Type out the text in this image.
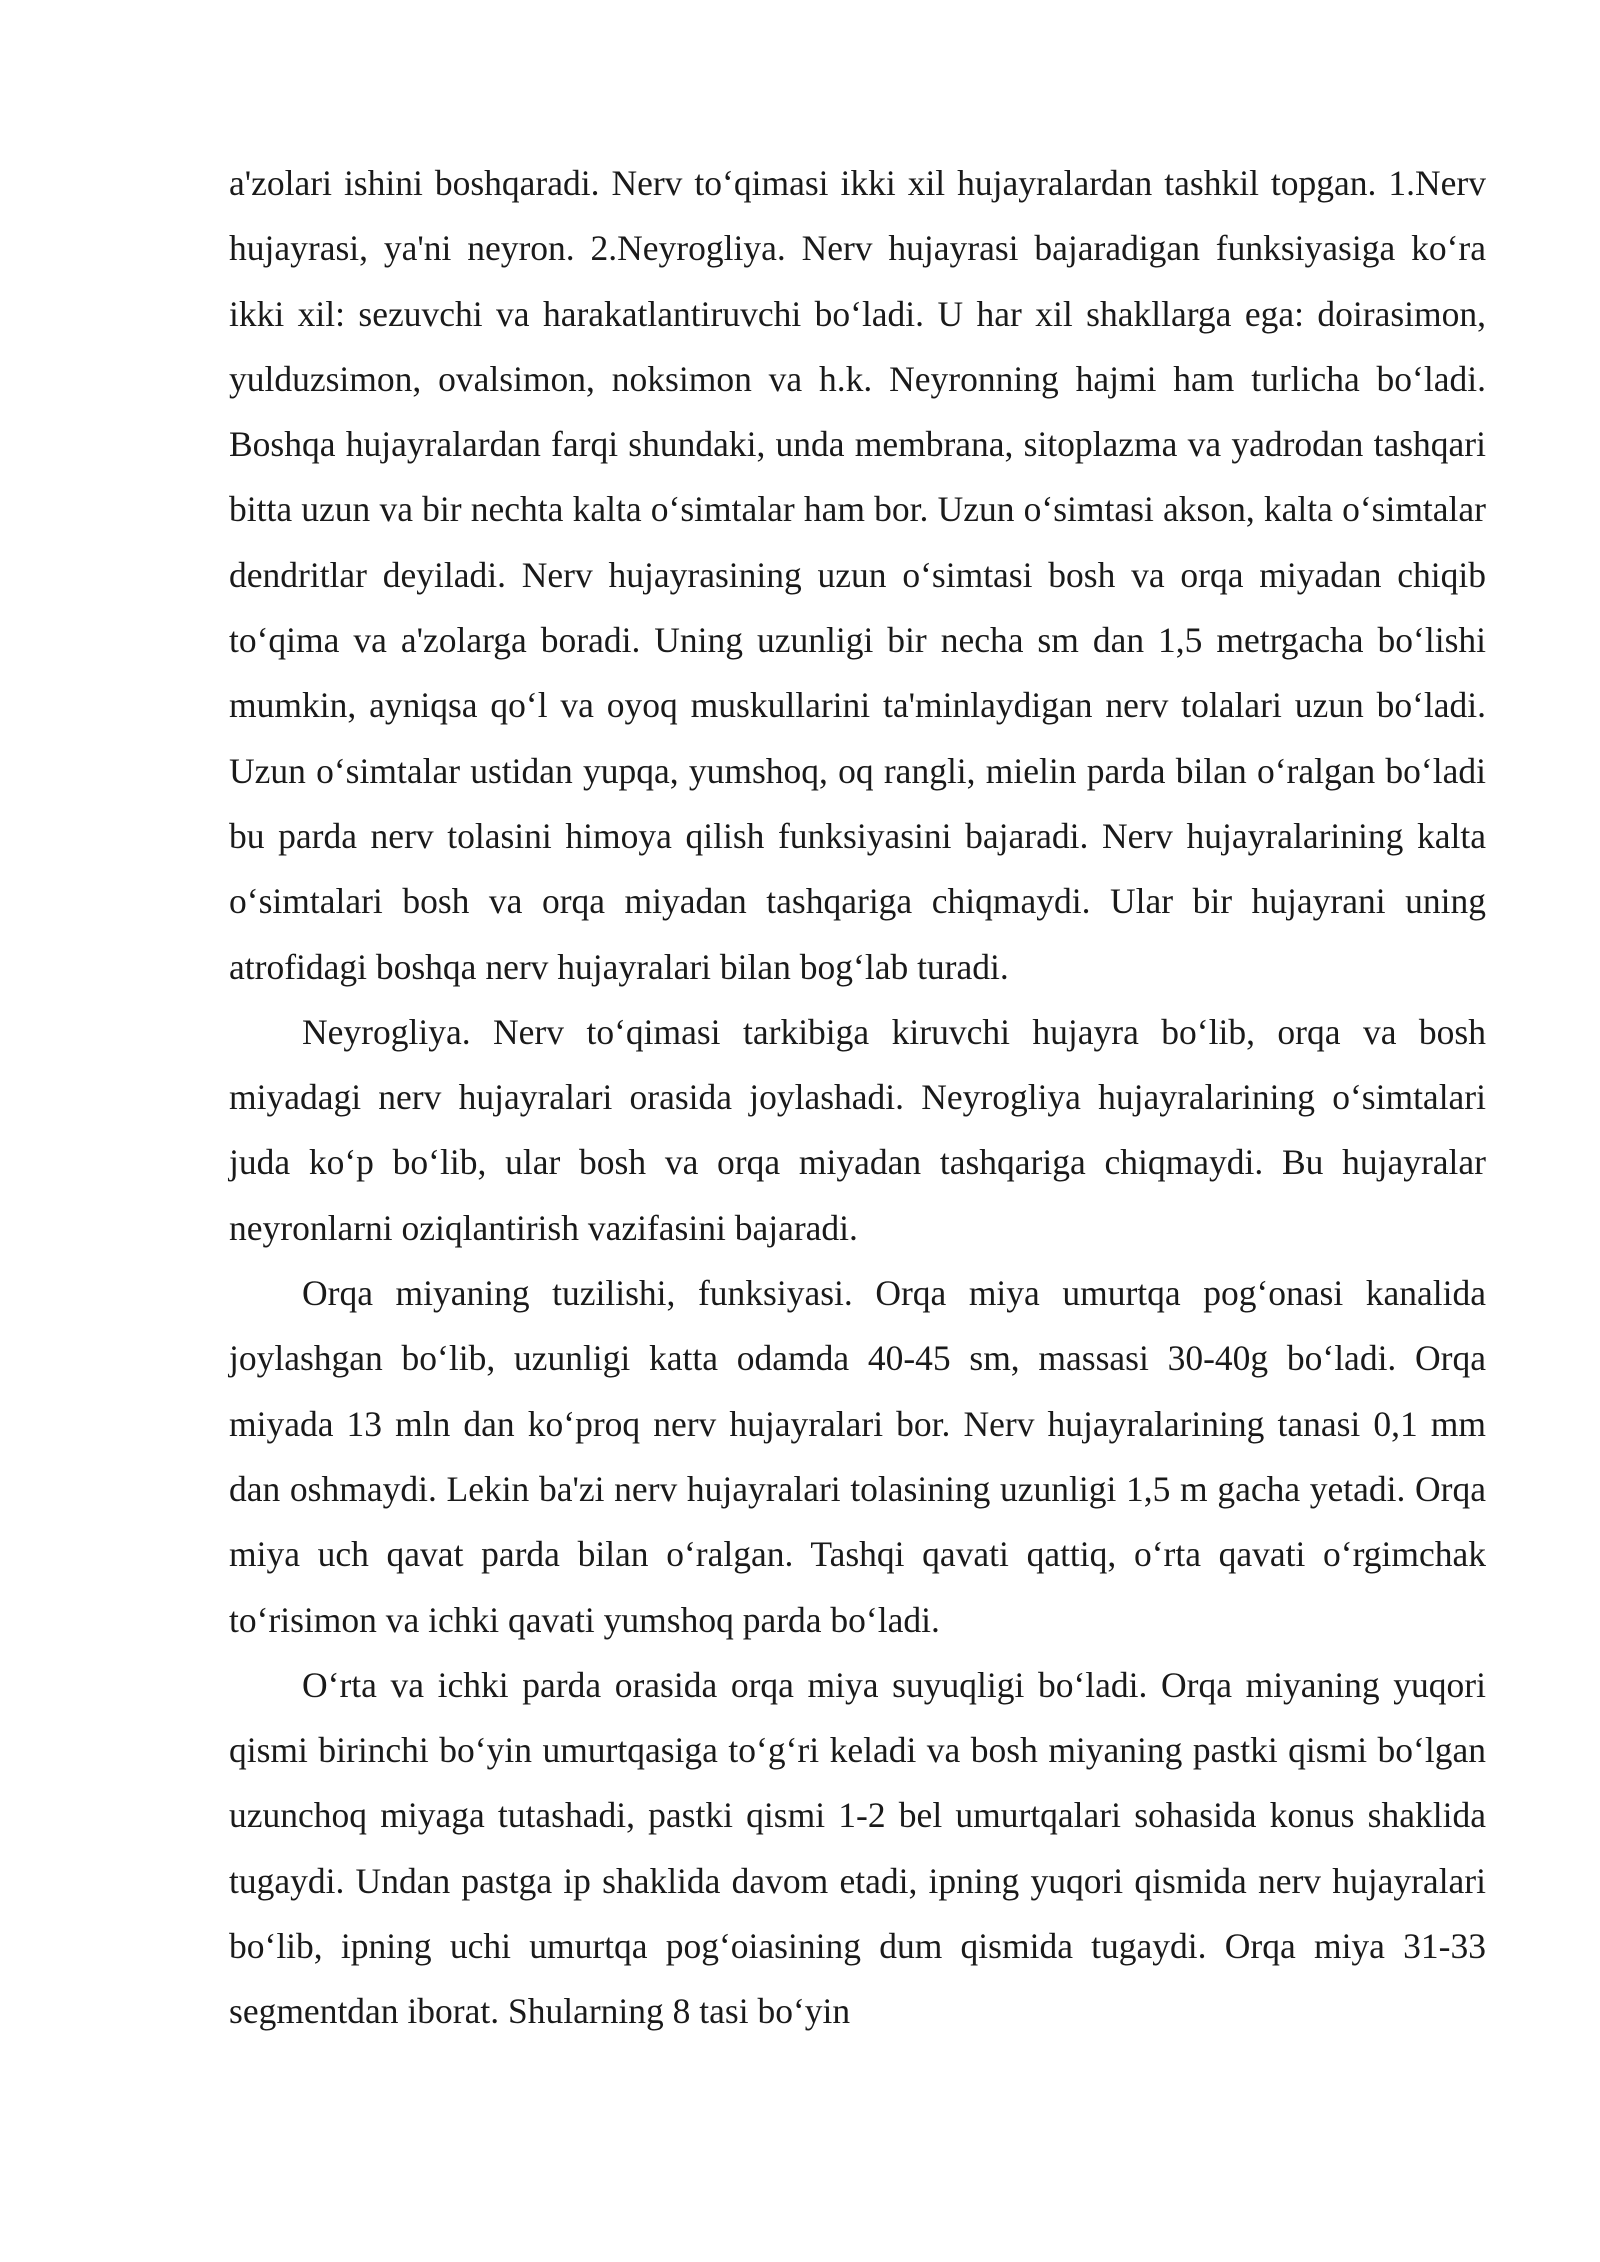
a'zolari ishini boshqaradi. Nerv to‘qimasi ikki xil hujayralardan tashkil topgan. 1.Nerv hujayrasi, ya'ni neyron. 2.Neyrogliya. Nerv hujayrasi bajaradigan funksiyasiga ko‘ra ikki xil: sezuvchi va harakatlantiruvchi bo‘ladi. U har xil shakllarga ega: doirasimon, yulduzsimon, ovalsimon, noksimon va h.k. Neyronning hajmi ham turlicha bo‘ladi. Boshqa hujayralardan farqi shundaki, unda membrana, sitoplazma va yadrodan tashqari bitta uzun va bir nechta kalta o‘simtalar ham bor. Uzun o‘simtasi akson, kalta o‘simtalar dendritlar deyiladi. Nerv hujayrasining uzun o‘simtasi bosh va orqa miyadan chiqib to‘qima va a'zolarga boradi. Uning uzunligi bir necha sm dan 1,5 metrgacha bo‘lishi mumkin, ayniqsa qo‘l va oyoq muskullarini ta'minlaydigan nerv tolalari uzun bo‘ladi. Uzun o‘simtalar ustidan yupqa, yumshoq, oq rangli, mielin parda bilan o‘ralgan bo‘ladi bu parda nerv tolasini himoya qilish funksiyasini bajaradi. Nerv hujayralarining kalta o‘simtalari bosh va orqa miyadan tashqariga chiqmaydi. Ular bir hujayrani uning atrofidagi boshqa nerv hujayralari bilan bog‘lab turadi.

Neyrogliya. Nerv to‘qimasi tarkibiga kiruvchi hujayra bo‘lib, orqa va bosh miyadagi nerv hujayralari orasida joylashadi. Neyrogliya hujayralarining o‘simtalari juda ko‘p bo‘lib, ular bosh va orqa miyadan tashqariga chiqmaydi. Bu hujayralar neyronlarni oziqlantirish vazifasini bajaradi.

Orqa miyaning tuzilishi, funksiyasi. Orqa miya umurtqa pog‘onasi kanalida joylashgan bo‘lib, uzunligi katta odamda 40-45 sm, massasi 30-40g bo‘ladi. Orqa miyada 13 mln dan ko‘proq nerv hujayralari bor. Nerv hujayralarining tanasi 0,1 mm dan oshmaydi. Lekin ba'zi nerv hujayralari tolasining uzunligi 1,5 m gacha yetadi. Orqa miya uch qavat parda bilan o‘ralgan. Tashqi qavati qattiq, o‘rta qavati o‘rgimchak to‘risimon va ichki qavati yumshoq parda bo‘ladi.

O‘rta va ichki parda orasida orqa miya suyuqligi bo‘ladi. Orqa miyaning yuqori qismi birinchi bo‘yin umurtqasiga to‘g‘ri keladi va bosh miyaning pastki qismi bo‘lgan uzunchoq miyaga tutashadi, pastki qismi 1-2 bel umurtqalari sohasida konus shaklida tugaydi. Undan pastga ip shaklida davom etadi, ipning yuqori qismida nerv hujayralari bo‘lib, ipning uchi umurtqa pog‘oiasining dum qismida tugaydi. Orqa miya 31-33 segmentdan iborat. Shularning 8 tasi bo‘yin
